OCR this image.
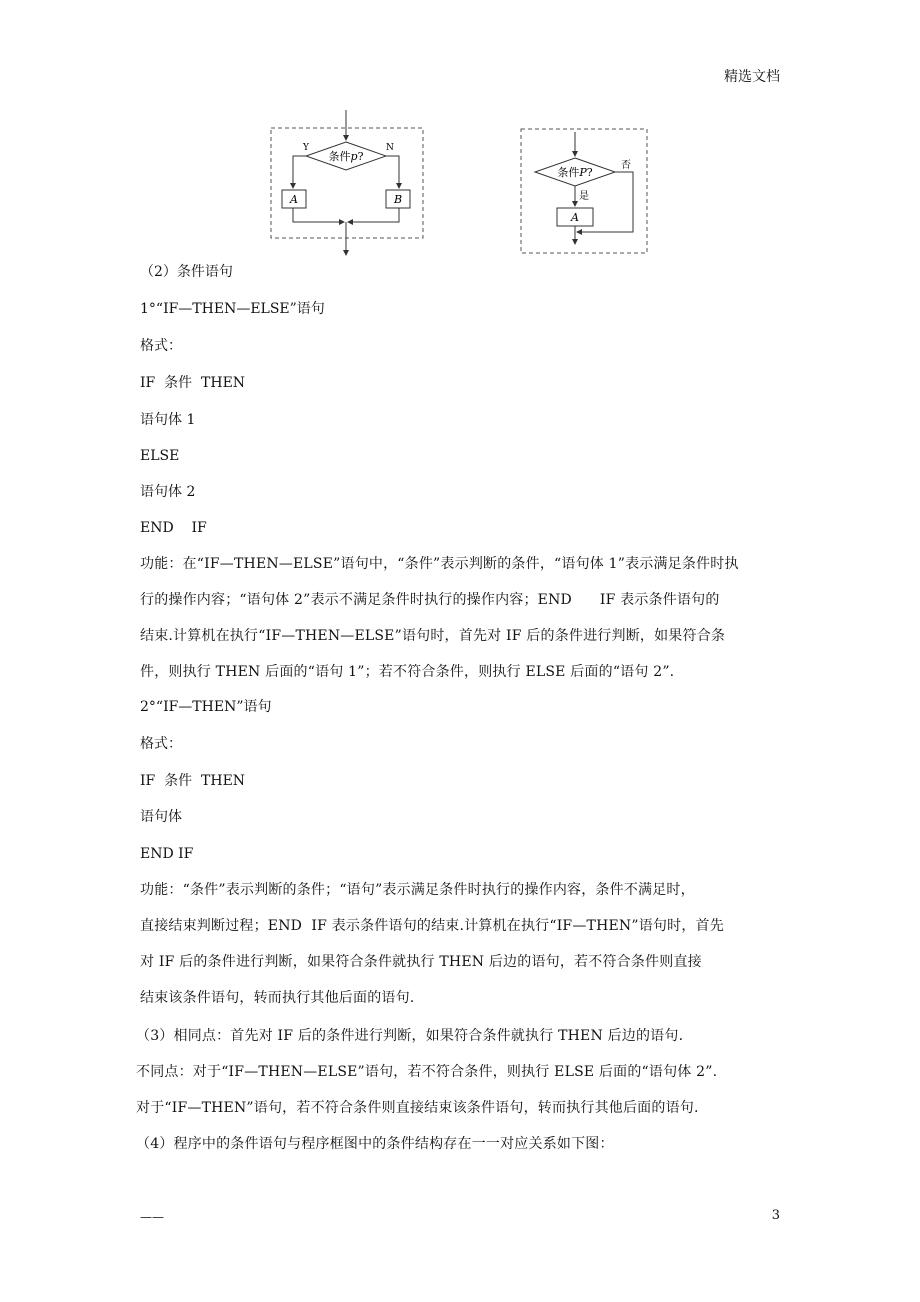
精选文档
条件p?
Y	N
A	B
条件P?
否
是
A
（2）条件语句
1°“IF—THEN—ELSE”语句
格式：
IF  条件  THEN
语句体 1
ELSE
语句体 2
END    IF
功能：在“IF—THEN—ELSE”语句中，“条件”表示判断的条件，“语句体 1”表示满足条件时执
行的操作内容；“语句体 2”表示不满足条件时执行的操作内容；END      IF 表示条件语句的
结束.计算机在执行“IF—THEN—ELSE”语句时，首先对 IF 后的条件进行判断，如果符合条
件，则执行 THEN 后面的“语句 1”；若不符合条件，则执行 ELSE 后面的“语句 2”.
2°“IF—THEN”语句
格式：
IF  条件  THEN
语句体
END IF
功能：“条件”表示判断的条件；“语句”表示满足条件时执行的操作内容，条件不满足时，
直接结束判断过程；END  IF 表示条件语句的结束.计算机在执行“IF—THEN”语句时，首先
对 IF 后的条件进行判断，如果符合条件就执行 THEN 后边的语句，若不符合条件则直接
结束该条件语句，转而执行其他后面的语句.
（3）相同点：首先对 IF 后的条件进行判断，如果符合条件就执行 THEN 后边的语句.
不同点：对于“IF—THEN—ELSE”语句，若不符合条件，则执行 ELSE 后面的“语句体 2”.
对于“IF—THEN”语句，若不符合条件则直接结束该条件语句，转而执行其他后面的语句.
（4）程序中的条件语句与程序框图中的条件结构存在一一对应关系如下图：
——	3
